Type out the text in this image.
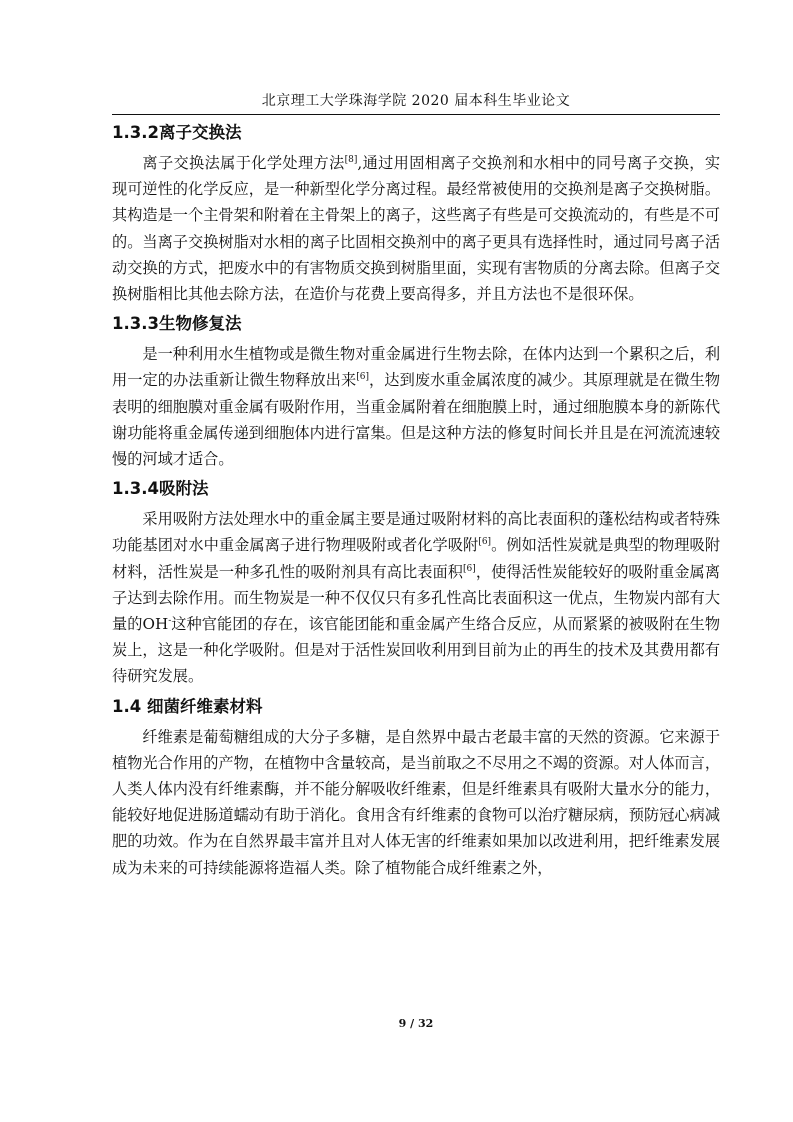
北京理工大学珠海学院 2020 届本科生毕业论文
1.3.2离子交换法

离子交换法属于化学处理方法[8],通过用固相离子交换剂和水相中的同号离子交换，实现可逆性的化学反应，是一种新型化学分离过程。最经常被使用的交换剂是离子交换树脂。其构造是一个主骨架和附着在主骨架上的离子，这些离子有些是可交换流动的，有些是不可的。当离子交换树脂对水相的离子比固相交换剂中的离子更具有选择性时，通过同号离子活动交换的方式，把废水中的有害物质交换到树脂里面，实现有害物质的分离去除。但离子交换树脂相比其他去除方法，在造价与花费上要高得多，并且方法也不是很环保。

1.3.3生物修复法

是一种利用水生植物或是微生物对重金属进行生物去除，在体内达到一个累积之后，利用一定的办法重新让微生物释放出来[6]，达到废水重金属浓度的减少。其原理就是在微生物表明的细胞膜对重金属有吸附作用，当重金属附着在细胞膜上时，通过细胞膜本身的新陈代谢功能将重金属传递到细胞体内进行富集。但是这种方法的修复时间长并且是在河流流速较慢的河域才适合。

1.3.4吸附法

采用吸附方法处理水中的重金属主要是通过吸附材料的高比表面积的蓬松结构或者特殊功能基团对水中重金属离子进行物理吸附或者化学吸附[6]。例如活性炭就是典型的物理吸附材料，活性炭是一种多孔性的吸附剂具有高比表面积[6]，使得活性炭能较好的吸附重金属离子达到去除作用。而生物炭是一种不仅仅只有多孔性高比表面积这一优点，生物炭内部有大量的OH-这种官能团的存在，该官能团能和重金属产生络合反应，从而紧紧的被吸附在生物炭上，这是一种化学吸附。但是对于活性炭回收利用到目前为止的再生的技术及其费用都有待研究发展。

1.4 细菌纤维素材料

纤维素是葡萄糖组成的大分子多糖，是自然界中最古老最丰富的天然的资源。它来源于植物光合作用的产物，在植物中含量较高，是当前取之不尽用之不竭的资源。对人体而言，人类人体内没有纤维素酶，并不能分解吸收纤维素，但是纤维素具有吸附大量水分的能力，能较好地促进肠道蠕动有助于消化。食用含有纤维素的食物可以治疗糖尿病，预防冠心病减肥的功效。作为在自然界最丰富并且对人体无害的纤维素如果加以改进利用，把纤维素发展成为未来的可持续能源将造福人类。除了植物能合成纤维素之外，

9 / 32
